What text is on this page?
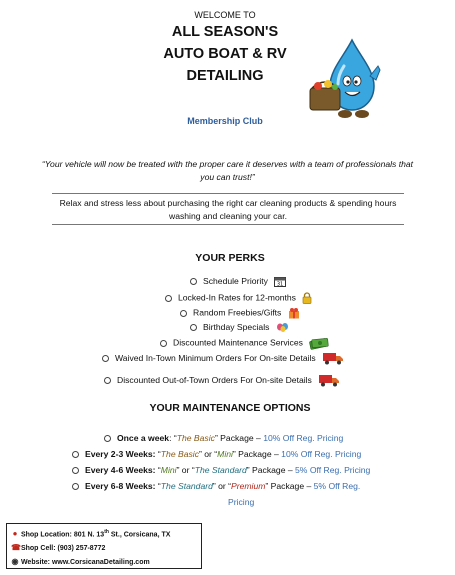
WELCOME TO
ALL SEASON'S
AUTO BOAT & RV
DETAILING
Membership Club
“Your vehicle will now be treated with the proper care it deserves with a team of professionals that you can trust!”
Relax and stress less about purchasing the right car cleaning products & spending hours washing and cleaning your car.
YOUR PERKS
Schedule Priority 31
Locked-In Rates for 12-months
Random Freebies/Gifts
Birthday Specials
Discounted Maintenance Services
Waived In-Town Minimum Orders For On-site Details
Discounted Out-of-Town Orders For On-site Details
YOUR MAINTENANCE OPTIONS
Once a week: “The Basic” Package – 10% Off Reg. Pricing
Every 2-3 Weeks: “The Basic” or “Mini” Package – 10% Off Reg. Pricing
Every 4-6 Weeks: “Mini” or “The Standard” Package – 5% Off Reg. Pricing
Every 6-8 Weeks: “The Standard” or “Premium” Package – 5% Off Reg.
Pricing
● Shop Location: 801 N. 13th St., Corsicana, TX
☎ Shop Cell: (903) 257-8772
◉ Website: www.CorsicanaDetailing.com
